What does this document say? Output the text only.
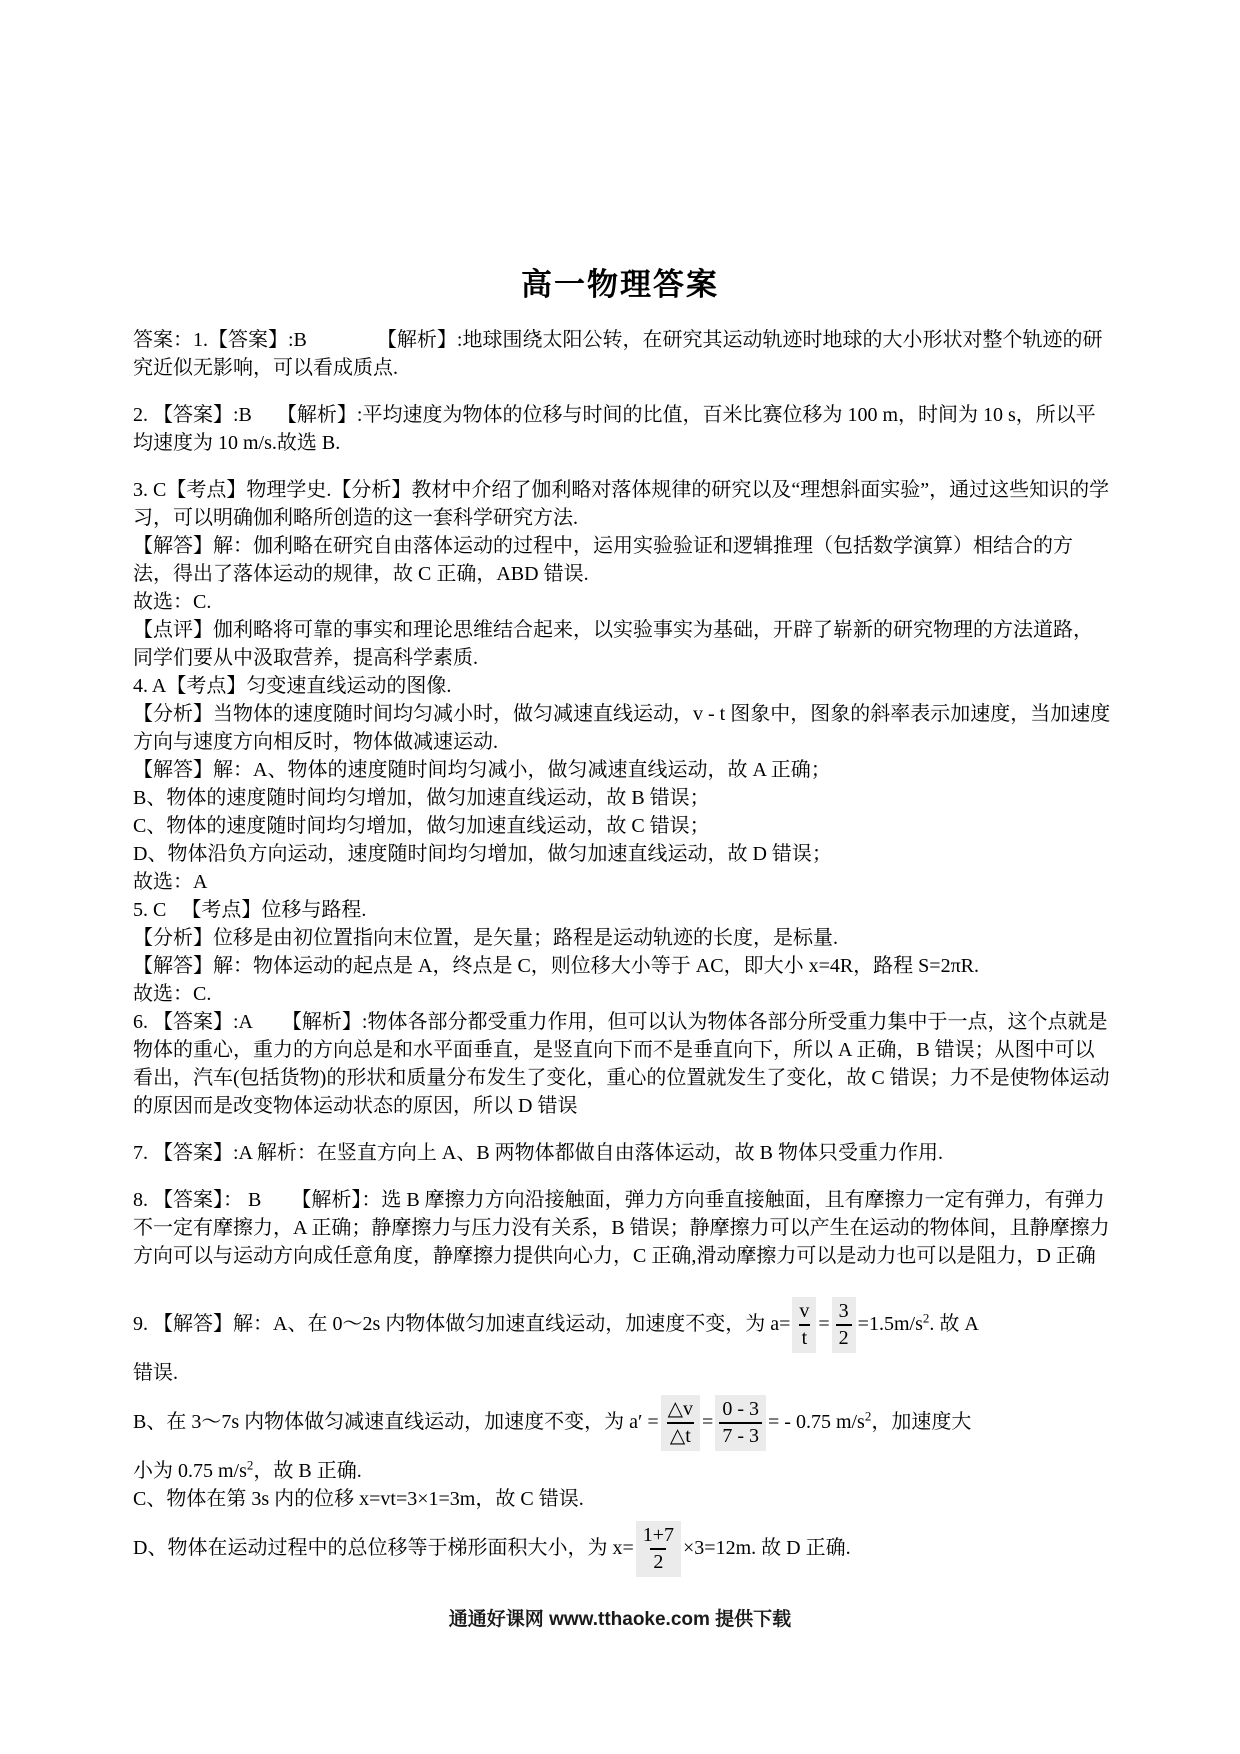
高一物理答案

答案：1.【答案】:B　　　　【解析】:地球围绕太阳公转，在研究其运动轨迹时地球的大小形状对整个轨迹的研究近似无影响，可以看成质点.

2. 【答案】:B　 【解析】:平均速度为物体的位移与时间的比值，百米比赛位移为 100 m，时间为 10 s，所以平均速度为 10 m/s.故选 B.

3. C【考点】物理学史.【分析】教材中介绍了伽利略对落体规律的研究以及“理想斜面实验”，通过这些知识的学习，可以明确伽利略所创造的这一套科学研究方法.

【解答】解：伽利略在研究自由落体运动的过程中，运用实验验证和逻辑推理（包括数学演算）相结合的方法，得出了落体运动的规律，故 C 正确，ABD 错误.

故选：C.

【点评】伽利略将可靠的事实和理论思维结合起来，以实验事实为基础，开辟了崭新的研究物理的方法道路，同学们要从中汲取营养，提高科学素质.

4. A【考点】匀变速直线运动的图像.

【分析】当物体的速度随时间均匀减小时，做匀减速直线运动，v - t 图象中，图象的斜率表示加速度，当加速度方向与速度方向相反时，物体做减速运动.

【解答】解：A、物体的速度随时间均匀减小，做匀减速直线运动，故 A 正确；

B、物体的速度随时间均匀增加，做匀加速直线运动，故 B 错误；

C、物体的速度随时间均匀增加，做匀加速直线运动，故 C 错误；

D、物体沿负方向运动，速度随时间均匀增加，做匀加速直线运动，故 D 错误；

故选：A

5. C 　【考点】位移与路程.

【分析】位移是由初位置指向末位置，是矢量；路程是运动轨迹的长度，是标量.

【解答】解：物体运动的起点是 A，终点是 C，则位移大小等于 AC，即大小 x=4R，路程 S=2πR.

故选：C.

6. 【答案】:A　　【解析】:物体各部分都受重力作用，但可以认为物体各部分所受重力集中于一点，这个点就是物体的重心，重力的方向总是和水平面垂直，是竖直向下而不是垂直向下，所以 A 正确，B 错误；从图中可以看出，汽车(包括货物)的形状和质量分布发生了变化，重心的位置就发生了变化，故 C 错误；力不是使物体运动的原因而是改变物体运动状态的原因，所以 D 错误

7. 【答案】:A 解析：在竖直方向上 A、B 两物体都做自由落体运动，故 B 物体只受重力作用.

8. 【答案】： B　　【解析】：选 B 摩擦力方向沿接触面，弹力方向垂直接触面，且有摩擦力一定有弹力，有弹力不一定有摩擦力，A 正确；静摩擦力与压力没有关系，B 错误；静摩擦力可以产生在运动的物体间，且静摩擦力方向可以与运动方向成任意角度，静摩擦力提供向心力，C 正确,滑动摩擦力可以是动力也可以是阻力，D 正确

9. 【解答】解：A、在 0～2s 内物体做匀加速直线运动，加速度不变，为 $a= \frac{v}{t} = \frac{3}{2} =1.5m/s^2$. 故 A

错误.

B、在 3～7s 内物体做匀减速直线运动，加速度不变，为 $a' = \frac{\triangle v}{\triangle t} = \frac{0 - 3}{7 - 3}$ = - 0.75 $m/s^2$，加速度大

小为 0.75 $m/s^2$，故 B 正确.

C、物体在第 3s 内的位移 x=vt=3×1=3m，故 C 错误.

D、物体在运动过程中的总位移等于梯形面积大小，为 $x= \frac{1+7}{2} \times 3=12m$. 故 D 正确.

通通好课网 www.tthaoke.com 提供下载
